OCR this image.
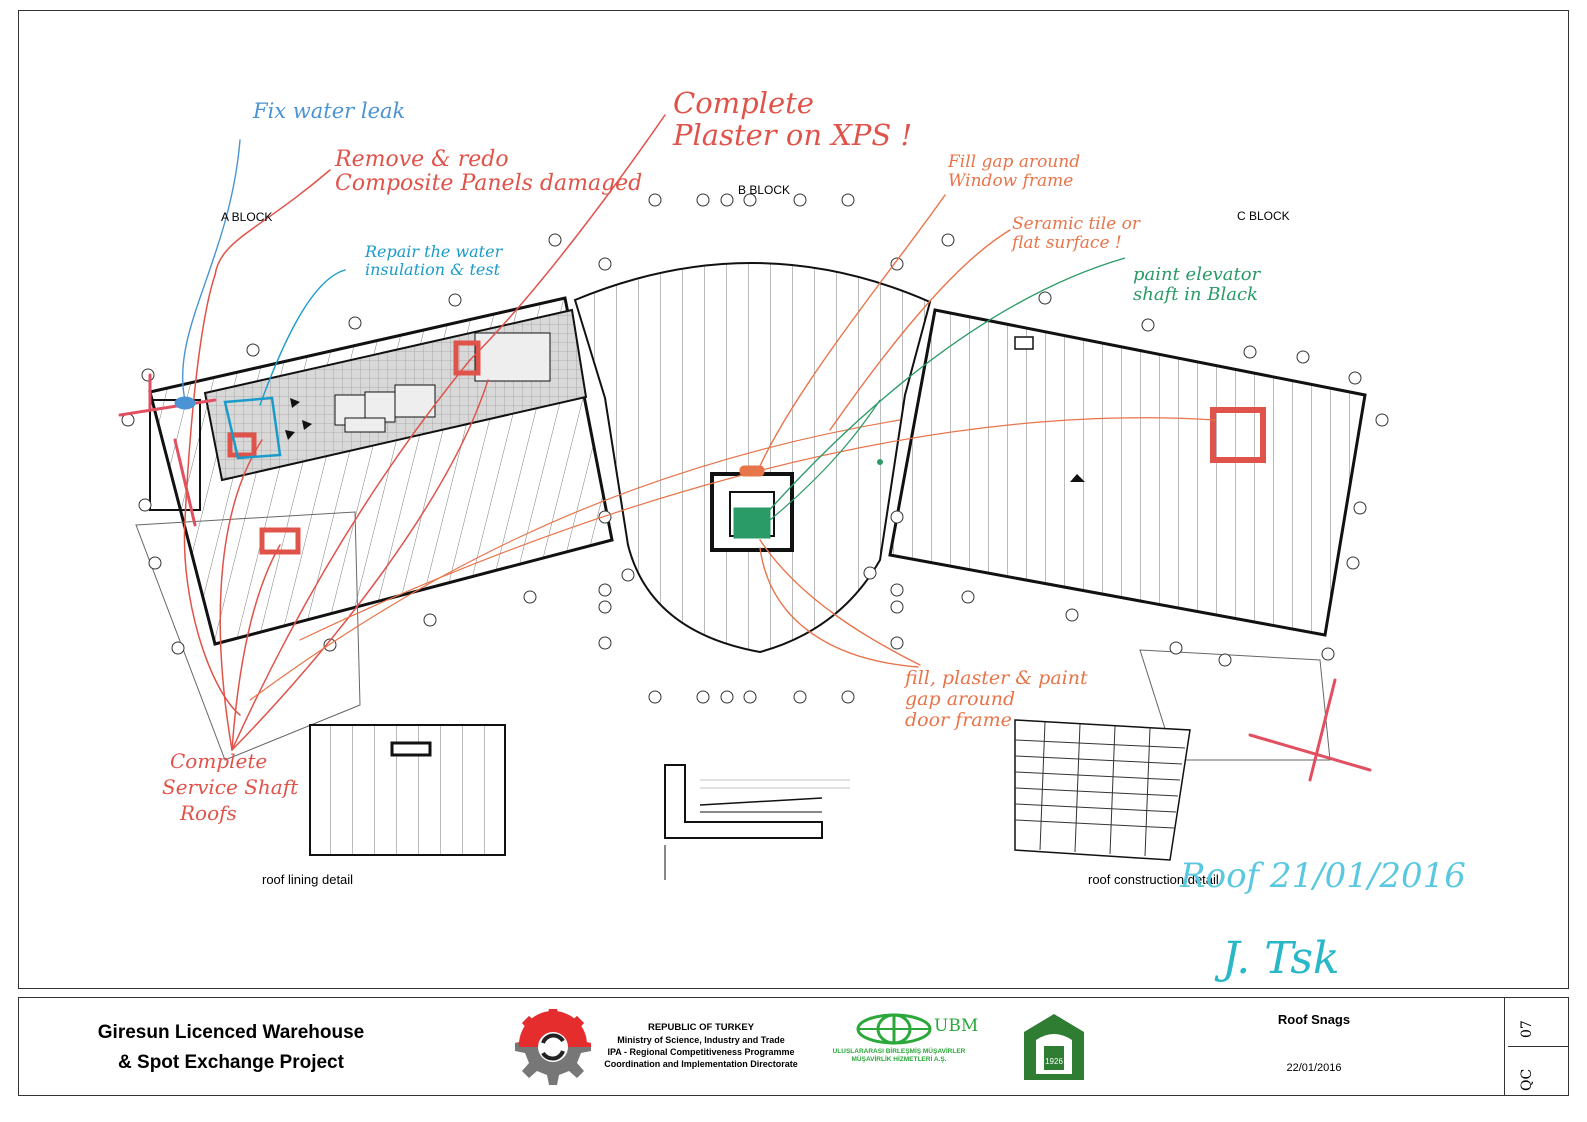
A BLOCK
B BLOCK
C BLOCK
roof lining detail	roof construction detail
Fix water leak
Remove & redo
Composite Panels damaged
Complete
Plaster on XPS !
Repair the water
insulation & test
Fill gap around
Window frame
Seramic tile or
flat surface !
paint elevator
shaft in Black
fill, plaster & paint
gap around
door frame
Complete
Service Shaft
Roofs
Roof 21/01/2016
J. Tsk
Giresun Licenced Warehouse
& Spot Exchange Project
REPUBLIC OF TURKEY
Ministry of Science, Industry and Trade
IPA - Regional Competitiveness Programme
Coordination and Implementation Directorate
UBM
ULUSLARARASI BİRLEŞMİŞ MÜŞAVİRLER
MÜŞAVİRLİK HİZMETLERİ A.Ş.	1926
Roof Snags
22/01/2016
QC
07
